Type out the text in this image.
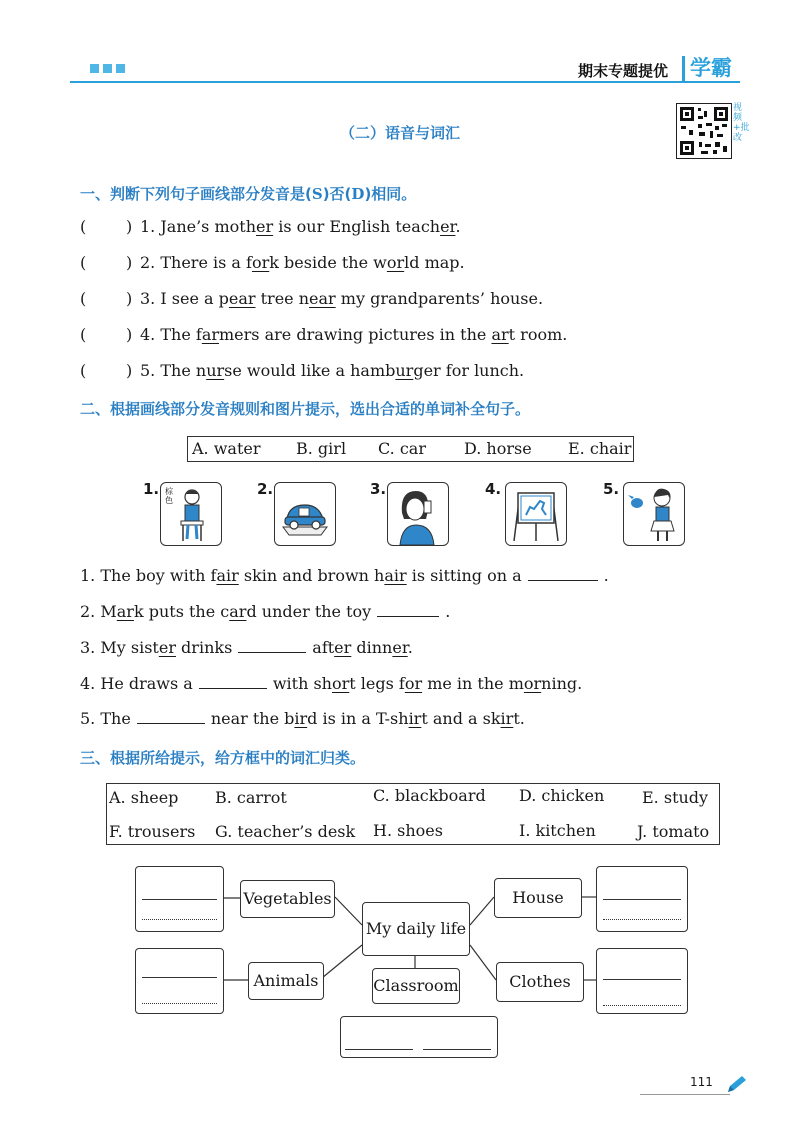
期末专题提优 学霸
视频+批改
（二）语音与词汇
一、判断下列句子画线部分发音是(S)否(D)相同。
( ) 1. Jane’s mother is our English teacher.
( ) 2. There is a fork beside the world map.
( ) 3. I see a pear tree near my grandparents’ house.
( ) 4. The farmers are drawing pictures in the art room.
( ) 5. The nurse would like a hamburger for lunch.
二、根据画线部分发音规则和图片提示，选出合适的单词补全句子。
A. water B. girl C. car D. horse E. chair
1. 棕色
2.	3.	4.	5.
1. The boy with fair skin and brown hair is sitting on a	.
2. Mark puts the card under the toy	.
3. My sister drinks	after dinner.
4. He draws a	with short legs for me in the morning.
5. The	near the bird is in a T-shirt and a skirt.
三、根据所给提示，给方框中的词汇归类。
A. sheep B. carrot	C. blackboard D. chicken E. study
F. trousers G. teacher’s desk H. shoes	I. kitchen	J. tomato
Vegetables
Animals
My daily life
Classroom
House
Clothes
111
